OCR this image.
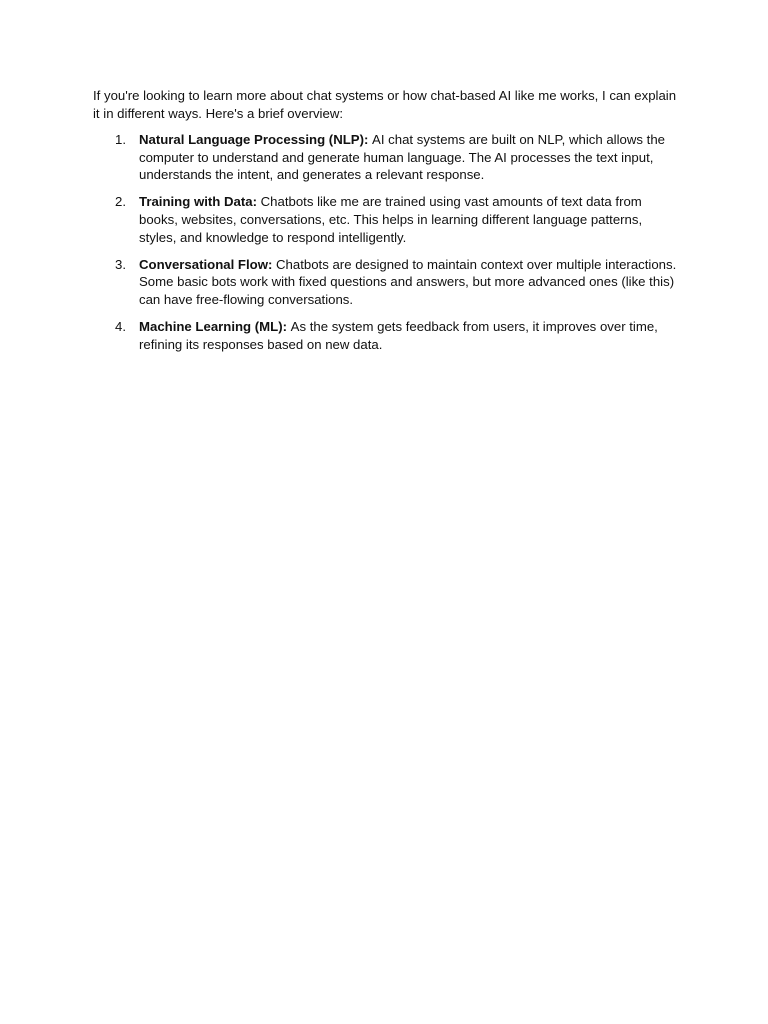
If you're looking to learn more about chat systems or how chat-based AI like me works, I can explain it in different ways. Here's a brief overview:

1. Natural Language Processing (NLP): AI chat systems are built on NLP, which allows the computer to understand and generate human language. The AI processes the text input, understands the intent, and generates a relevant response.
2. Training with Data: Chatbots like me are trained using vast amounts of text data from books, websites, conversations, etc. This helps in learning different language patterns, styles, and knowledge to respond intelligently.
3. Conversational Flow: Chatbots are designed to maintain context over multiple interactions. Some basic bots work with fixed questions and answers, but more advanced ones (like this) can have free-flowing conversations.
4. Machine Learning (ML): As the system gets feedback from users, it improves over time, refining its responses based on new data.
